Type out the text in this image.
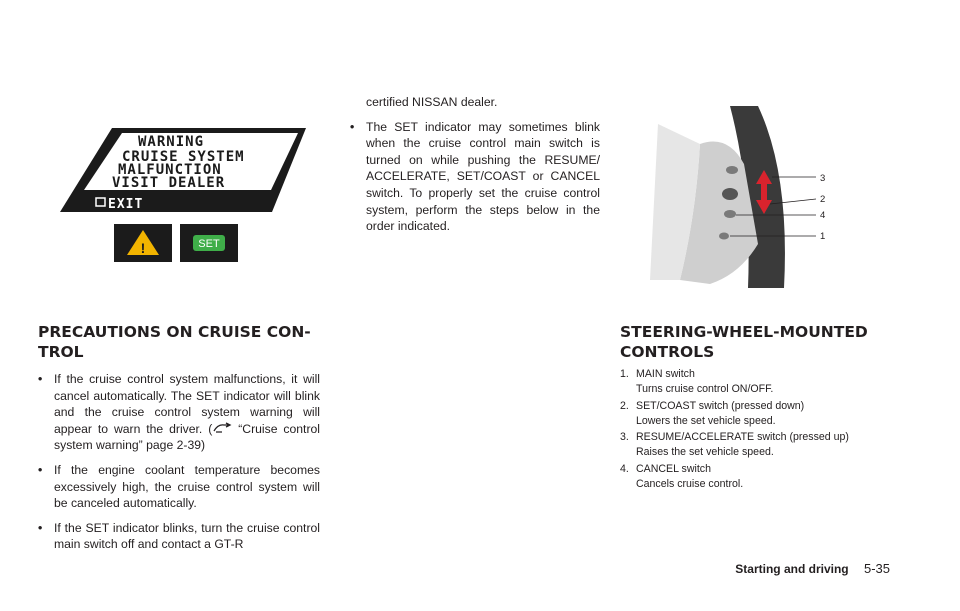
WARNING
CRUISE SYSTEM
MALFUNCTION
VISIT DEALER
EXIT
!	SET
PRECAUTIONS ON CRUISE CON-
TROL
• If the cruise control system malfunctions, it will cancel automatically. The SET indicator will blink and the cruise control system warning will appear to warn the driver. ( “Cruise control system warning” page 2-39)
• If the engine coolant temperature becomes excessively high, the cruise control system will be canceled automatically.
• If the SET indicator blinks, turn the cruise control main switch off and contact a GT-R
certified NISSAN dealer.
• The SET indicator may sometimes blink when the cruise control main switch is turned on while pushing the RESUME/ ACCELERATE, SET/COAST or CANCEL switch. To properly set the cruise control system, perform the steps below in the order indicated.
3
2
4
1
STEERING-WHEEL-MOUNTED
CONTROLS
1. MAIN switch
Turns cruise control ON/OFF.
2. SET/COAST switch (pressed down)
Lowers the set vehicle speed.
3. RESUME/ACCELERATE switch (pressed up)
Raises the set vehicle speed.
4. CANCEL switch
Cancels cruise control.
Starting and driving 5-35
